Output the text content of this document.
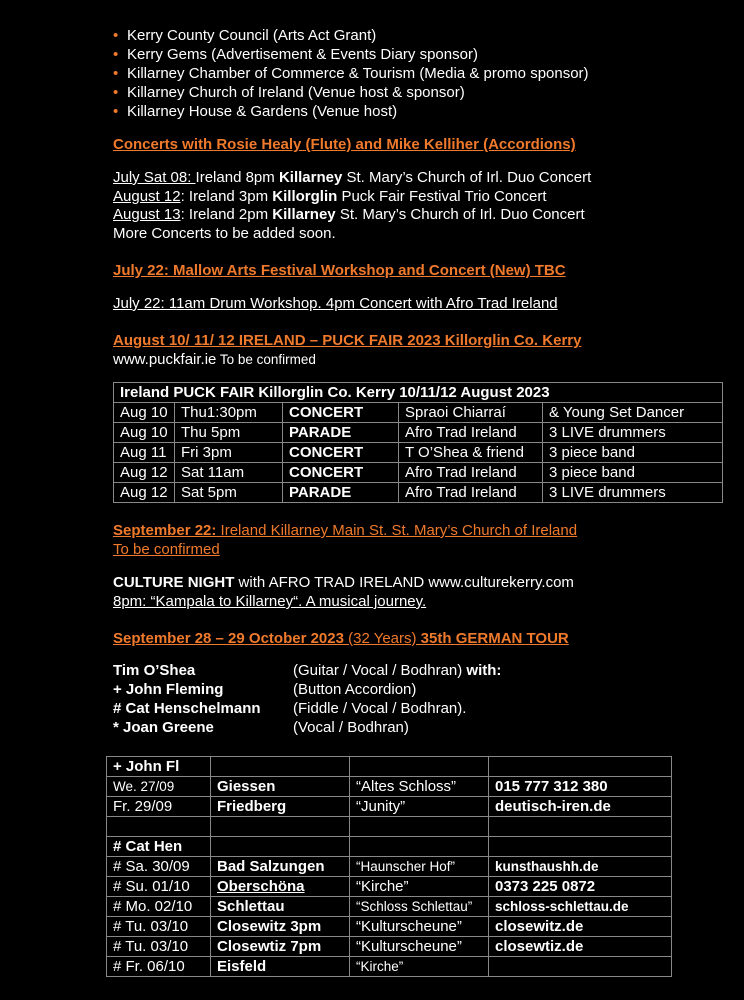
• Kerry County Council (Arts Act Grant)
• Kerry Gems (Advertisement & Events Diary sponsor)
• Killarney Chamber of Commerce & Tourism (Media & promo sponsor)
• Killarney Church of Ireland (Venue host & sponsor)
• Killarney House & Gardens (Venue host)
Concerts with Rosie Healy (Flute) and Mike Kelliher (Accordions)
July Sat 08: Ireland 8pm Killarney St. Mary’s Church of Irl. Duo Concert
August 12: Ireland 3pm Killorglin Puck Fair Festival Trio Concert
August 13: Ireland 2pm Killarney St. Mary’s Church of Irl. Duo Concert
More Concerts to be added soon.
July 22: Mallow Arts Festival Workshop and Concert (New) TBC
July 22: 11am Drum Workshop. 4pm Concert with Afro Trad Ireland
August 10/ 11/ 12 IRELAND – PUCK FAIR 2023 Killorglin Co. Kerry
www.puckfair.ie To be confirmed
Ireland PUCK FAIR Killorglin Co. Kerry 10/11/12 August 2023				
Aug 10	Thu1:30pm	CONCERT	Spraoi Chiarraí	& Young Set Dancer
Aug 10	Thu 5pm	PARADE	Afro Trad Ireland	3 LIVE drummers
Aug 11	Fri 3pm	CONCERT	T O’Shea & friend	3 piece band
Aug 12	Sat 11am	CONCERT	Afro Trad Ireland	3 piece band
Aug 12	Sat 5pm	PARADE	Afro Trad Ireland	3 LIVE drummers
September 22: Ireland Killarney Main St. St. Mary’s Church of Ireland
To be confirmed
CULTURE NIGHT with AFRO TRAD IRELAND www.culturekerry.com
8pm: “Kampala to Killarney“. A musical journey.
September 28 – 29 October 2023 (32 Years) 35th GERMAN TOUR
Tim O’Shea	(Guitar / Vocal / Bodhran) with:
+ John Fleming	(Button Accordion)
# Cat Henschelmann (Fiddle / Vocal / Bodhran).
* Joan Greene	(Vocal / Bodhran)
+ John Fl			
We. 27/09	Giessen	“Altes Schloss”	015 777 312 380
Fr. 29/09	Friedberg	“Junity”	deutisch-iren.de

# Cat Hen			
# Sa. 30/09	Bad Salzungen	“Haunscher Hof”	kunsthaushh.de
# Su. 01/10	Oberschöna	“Kirche”	0373 225 0872
# Mo. 02/10	Schlettau	“Schloss Schlettau”	schloss-schlettau.de
# Tu. 03/10	Closewitz 3pm	“Kulturscheune”	closewitz.de
# Tu. 03/10	Closewtiz 7pm	“Kulturscheune”	closewtiz.de
# Fr. 06/10	Eisfeld	“Kirche”	
